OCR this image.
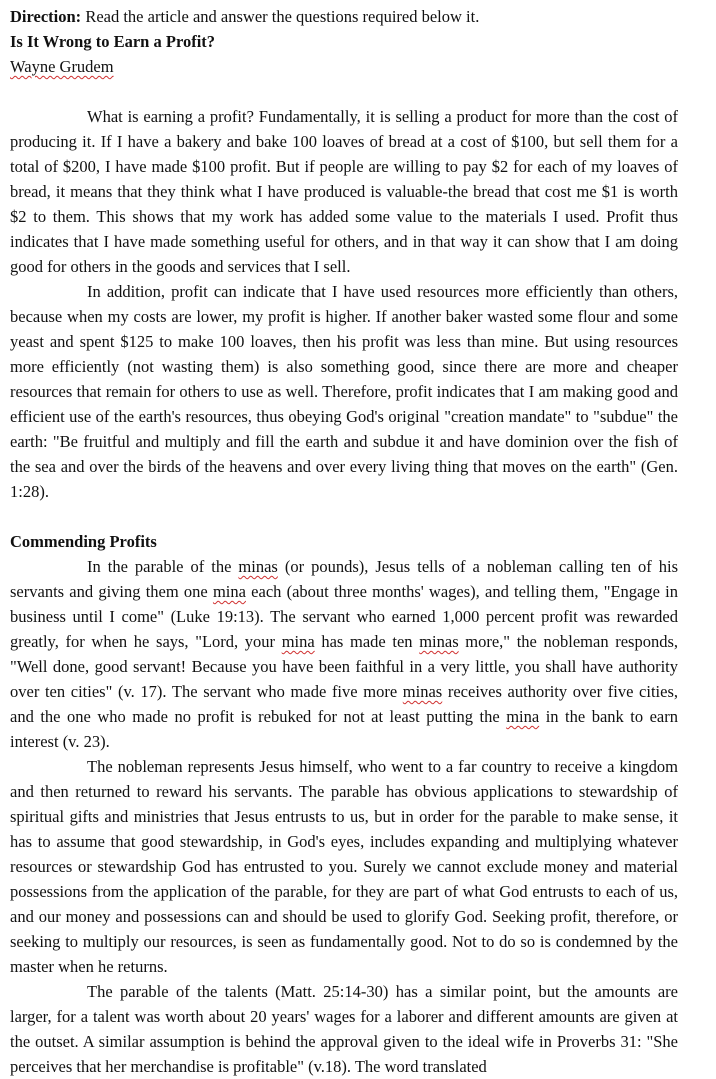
Direction: Read the article and answer the questions required below it.

Is It Wrong to Earn a Profit?

Wayne Grudem

What is earning a profit? Fundamentally, it is selling a product for more than the cost of producing it. If I have a bakery and bake 100 loaves of bread at a cost of $100, but sell them for a total of $200, I have made $100 profit. But if people are willing to pay $2 for each of my loaves of bread, it means that they think what I have produced is valuable-the bread that cost me $1 is worth $2 to them. This shows that my work has added some value to the materials I used. Profit thus indicates that I have made something useful for others, and in that way it can show that I am doing good for others in the goods and services that I sell.

In addition, profit can indicate that I have used resources more efficiently than others, because when my costs are lower, my profit is higher. If another baker wasted some flour and some yeast and spent $125 to make 100 loaves, then his profit was less than mine. But using resources more efficiently (not wasting them) is also something good, since there are more and cheaper resources that remain for others to use as well. Therefore, profit indicates that I am making good and efficient use of the earth's resources, thus obeying God's original "creation mandate" to "subdue" the earth: "Be fruitful and multiply and fill the earth and subdue it and have dominion over the fish of the sea and over the birds of the heavens and over every living thing that moves on the earth" (Gen. 1:28).

Commending Profits

In the parable of the minas (or pounds), Jesus tells of a nobleman calling ten of his servants and giving them one mina each (about three months' wages), and telling them, "Engage in business until I come" (Luke 19:13). The servant who earned 1,000 percent profit was rewarded greatly, for when he says, "Lord, your mina has made ten minas more," the nobleman responds, "Well done, good servant! Because you have been faithful in a very little, you shall have authority over ten cities" (v. 17). The servant who made five more minas receives authority over five cities, and the one who made no profit is rebuked for not at least putting the mina in the bank to earn interest (v. 23).

The nobleman represents Jesus himself, who went to a far country to receive a kingdom and then returned to reward his servants. The parable has obvious applications to stewardship of spiritual gifts and ministries that Jesus entrusts to us, but in order for the parable to make sense, it has to assume that good stewardship, in God's eyes, includes expanding and multiplying whatever resources or stewardship God has entrusted to you. Surely we cannot exclude money and material possessions from the application of the parable, for they are part of what God entrusts to each of us, and our money and possessions can and should be used to glorify God. Seeking profit, therefore, or seeking to multiply our resources, is seen as fundamentally good. Not to do so is condemned by the master when he returns.

The parable of the talents (Matt. 25:14-30) has a similar point, but the amounts are larger, for a talent was worth about 20 years' wages for a laborer and different amounts are given at the outset. A similar assumption is behind the approval given to the ideal wife in Proverbs 31: "She perceives that her merchandise is profitable" (v.18). The word translated
